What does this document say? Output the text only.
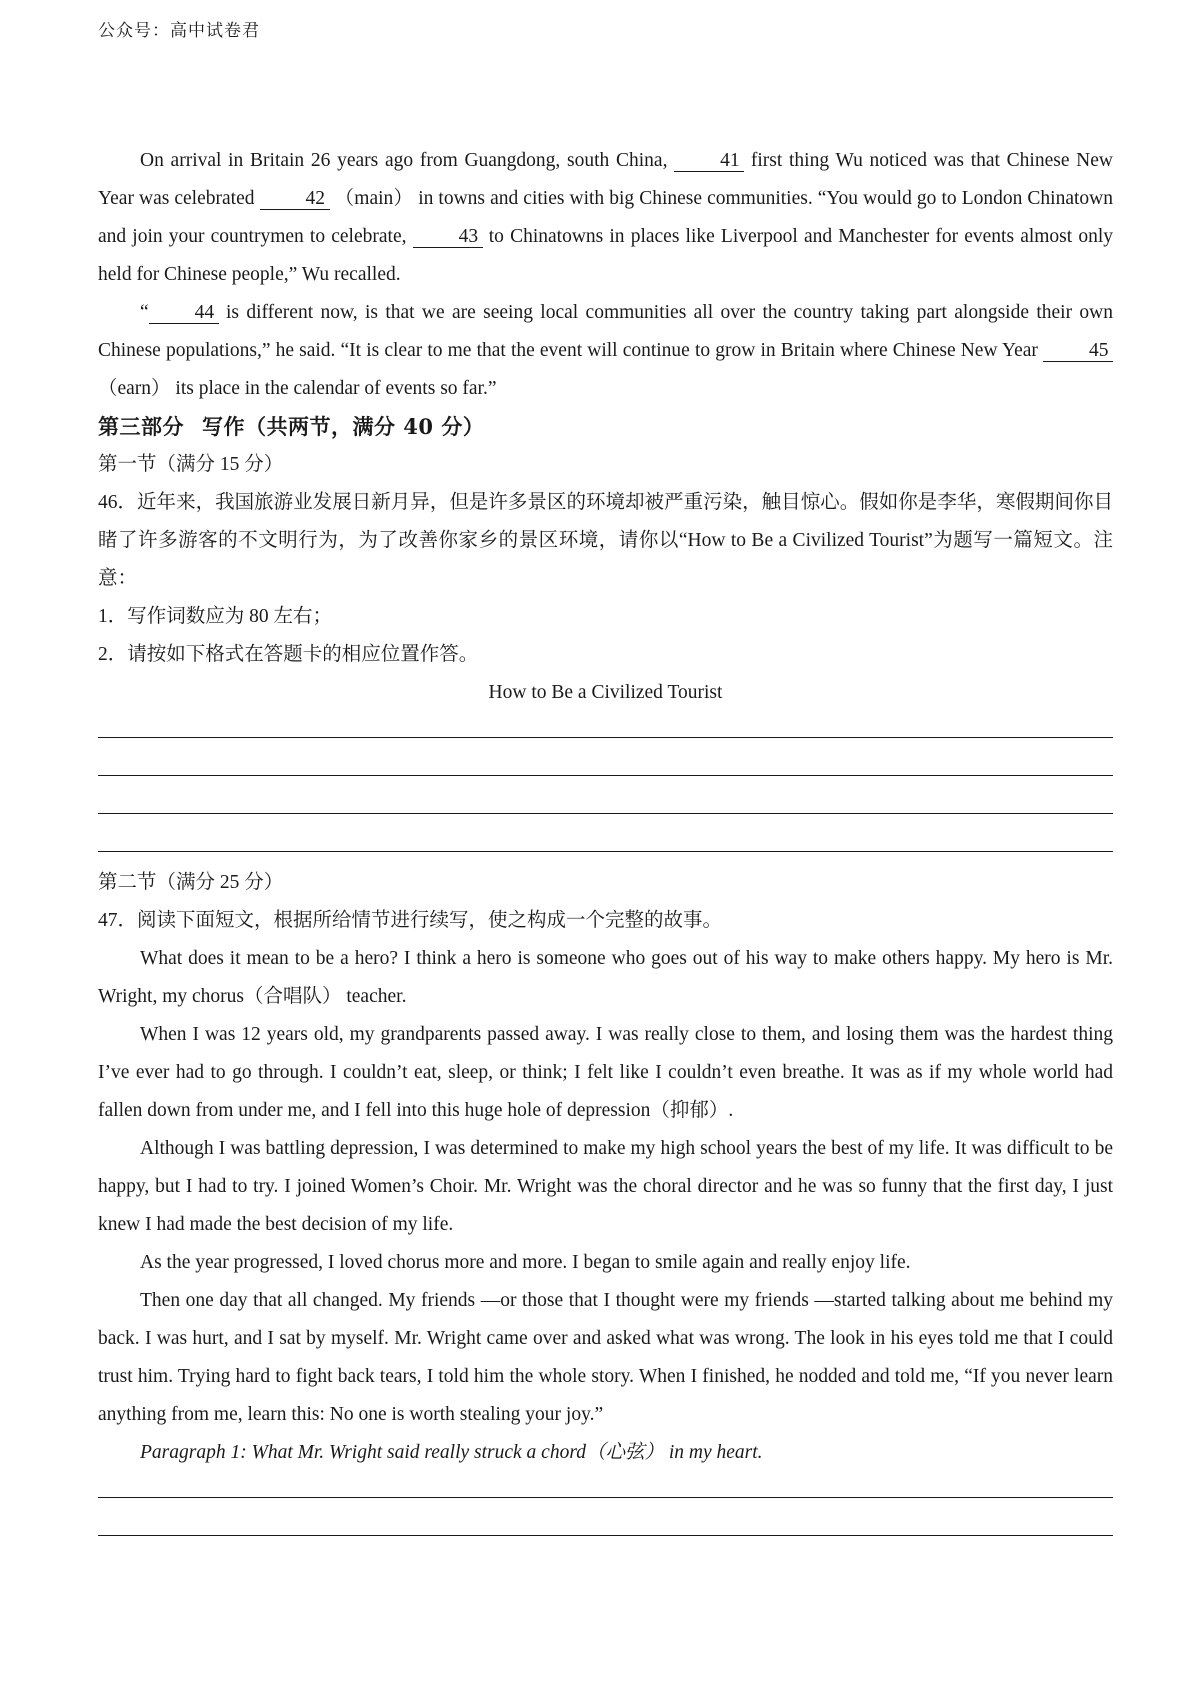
公众号：高中试卷君

On arrival in Britain 26 years ago from Guangdong, south China,	41 first thing Wu noticed was that Chinese New Year was celebrated	42 （main） in towns and cities with big Chinese communities. “You would go to London Chinatown and join your countrymen to celebrate,	43 to Chinatowns in places like Liverpool and Manchester for events almost only held for Chinese people,” Wu recalled.

“ 44 is different now, is that we are seeing local communities all over the country taking part alongside their own Chinese populations,” he said. “It is clear to me that the event will continue to grow in Britain where Chinese New Year	45（earn） its place in the calendar of events so far.”

第三部分 写作（共两节，满分 40 分）

第一节（满分 15 分）

46．近年来，我国旅游业发展日新月异，但是许多景区的环境却被严重污染，触目惊心。假如你是李华，寒假期间你目睹了许多游客的不文明行为，为了改善你家乡的景区环境，请你以“How to Be a Civilized Tourist”为题写一篇短文。注意：

1．写作词数应为 80 左右；

2．请按如下格式在答题卡的相应位置作答。

How to Be a Civilized Tourist

第二节（满分 25 分）

47．阅读下面短文，根据所给情节进行续写，使之构成一个完整的故事。

What does it mean to be a hero? I think a hero is someone who goes out of his way to make others happy. My hero is Mr. Wright, my chorus（合唱队） teacher.

When I was 12 years old, my grandparents passed away. I was really close to them, and losing them was the hardest thing I’ve ever had to go through. I couldn’t eat, sleep, or think; I felt like I couldn’t even breathe. It was as if my whole world had fallen down from under me, and I fell into this huge hole of depression（抑郁）.

Although I was battling depression, I was determined to make my high school years the best of my life. It was difficult to be happy, but I had to try. I joined Women’s Choir. Mr. Wright was the choral director and he was so funny that the first day, I just knew I had made the best decision of my life.

As the year progressed, I loved chorus more and more. I began to smile again and really enjoy life.

Then one day that all changed. My friends —or those that I thought were my friends —started talking about me behind my back. I was hurt, and I sat by myself. Mr. Wright came over and asked what was wrong. The look in his eyes told me that I could trust him. Trying hard to fight back tears, I told him the whole story. When I finished, he nodded and told me, “If you never learn anything from me, learn this: No one is worth stealing your joy.”

Paragraph 1: What Mr. Wright said really struck a chord（心弦） in my heart.
